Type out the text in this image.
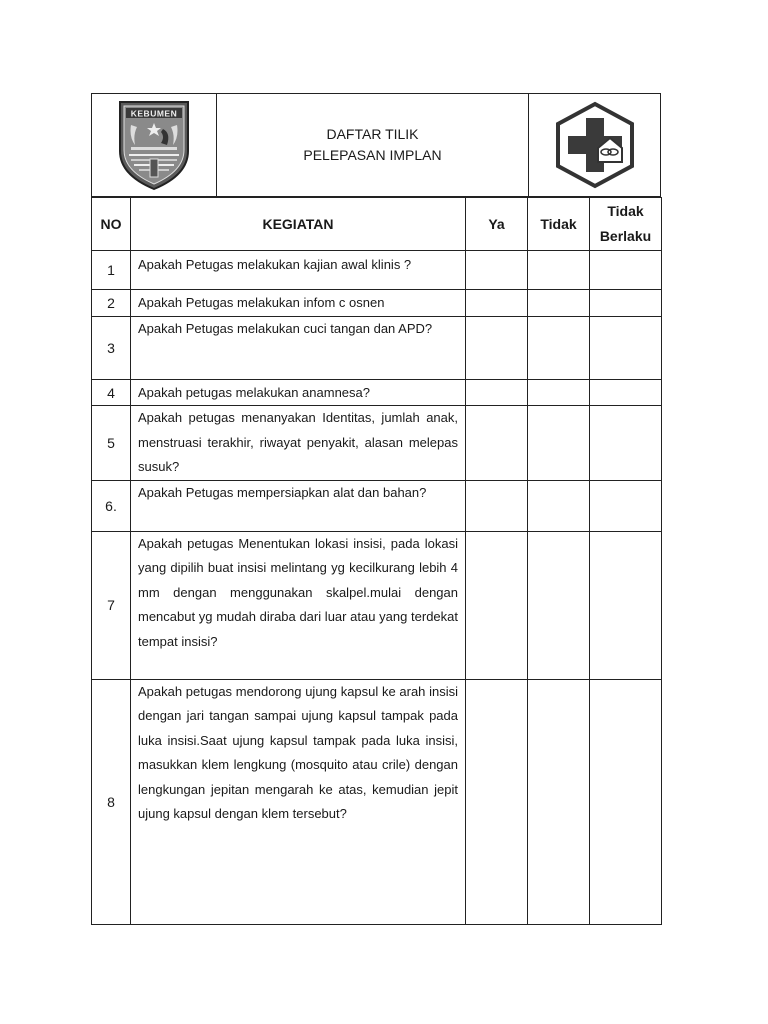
KEBUMEN
DAFTAR TILIK
PELEPASAN IMPLAN
NO	KEGIATAN	Ya	Tidak	Tidak
Berlaku

1	Apakah Petugas melakukan kajian awal klinis ?			
2	Apakah Petugas melakukan infom c osnen			
3	Apakah Petugas melakukan cuci tangan dan APD?			
4	Apakah petugas melakukan anamnesa?			
5	Apakah petugas menanyakan Identitas, jumlah anak, menstruasi terakhir, riwayat penyakit, alasan melepas susuk?			
6.	Apakah Petugas mempersiapkan alat dan bahan?			
7	Apakah petugas Menentukan lokasi insisi, pada lokasi yang dipilih buat insisi melintang yg kecilkurang lebih 4 mm dengan menggunakan skalpel.mulai dengan mencabut yg mudah diraba dari luar atau yang terdekat tempat insisi?			
8	Apakah petugas mendorong ujung kapsul ke arah insisi dengan jari tangan sampai ujung kapsul tampak pada luka insisi.Saat ujung kapsul tampak pada luka insisi, masukkan klem lengkung (mosquito atau crile) dengan lengkungan jepitan mengarah ke atas, kemudian jepit ujung kapsul dengan klem tersebut?			
